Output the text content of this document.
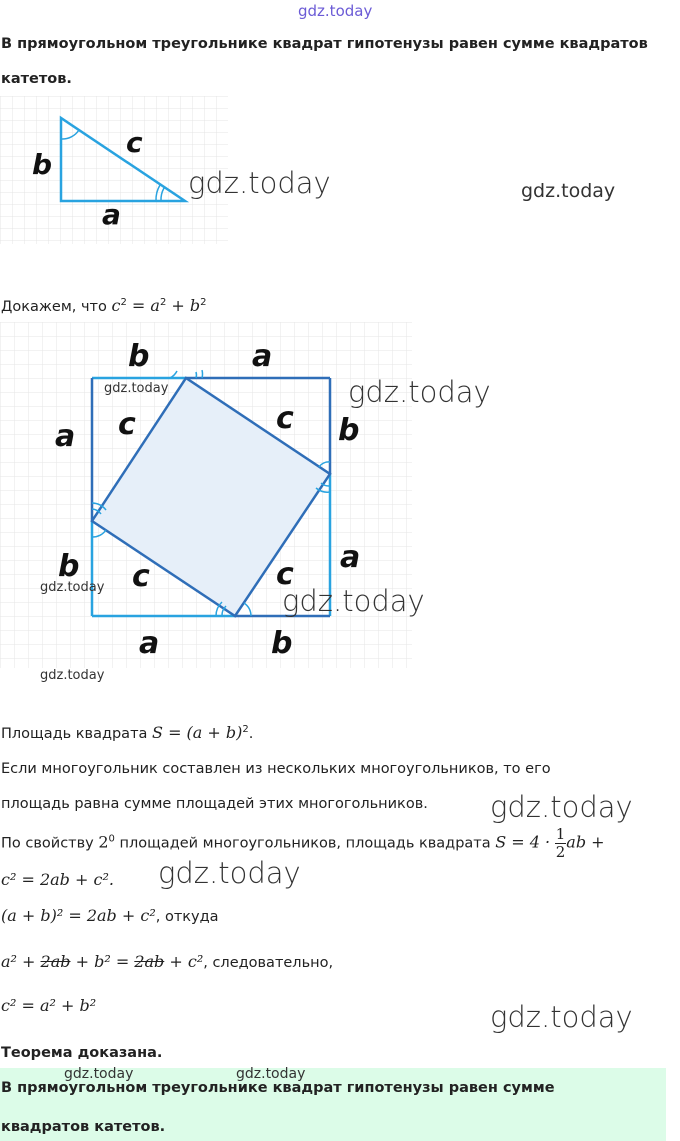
gdz.today
В прямоугольном треугольнике квадрат гипотенузы равен сумме квадратов
катетов.
b
c
a
gdz.today	gdz.today
Докажем, что $c^2 = a^2 + b^2$
b	a
a
b
b
a
a	b
c	c
c	c
gdz.today	gdz.today
gdz.today	gdz.today
gdz.today
Площадь квадрата $S = (a + b)^2$.
Если многоугольник составлен из нескольких многоугольников, то его
площадь равна сумме площадей этих многогольников. gdz.today
По свойству $2^0$ площадей многоугольников, площадь квадрата $S = 4 \cdot \frac{1}{2}$ ab +
c² = 2ab + c². gdz.today
(a + b)² = 2ab + c², откуда
a² + 2ab + b² = 2ab + c², следовательно,
c² = a² + b²	gdz.today
Теорема доказана.
gdz.today	gdz.today
В прямоугольном треугольнике квадрат гипотенузы равен сумме
квадратов катетов.
